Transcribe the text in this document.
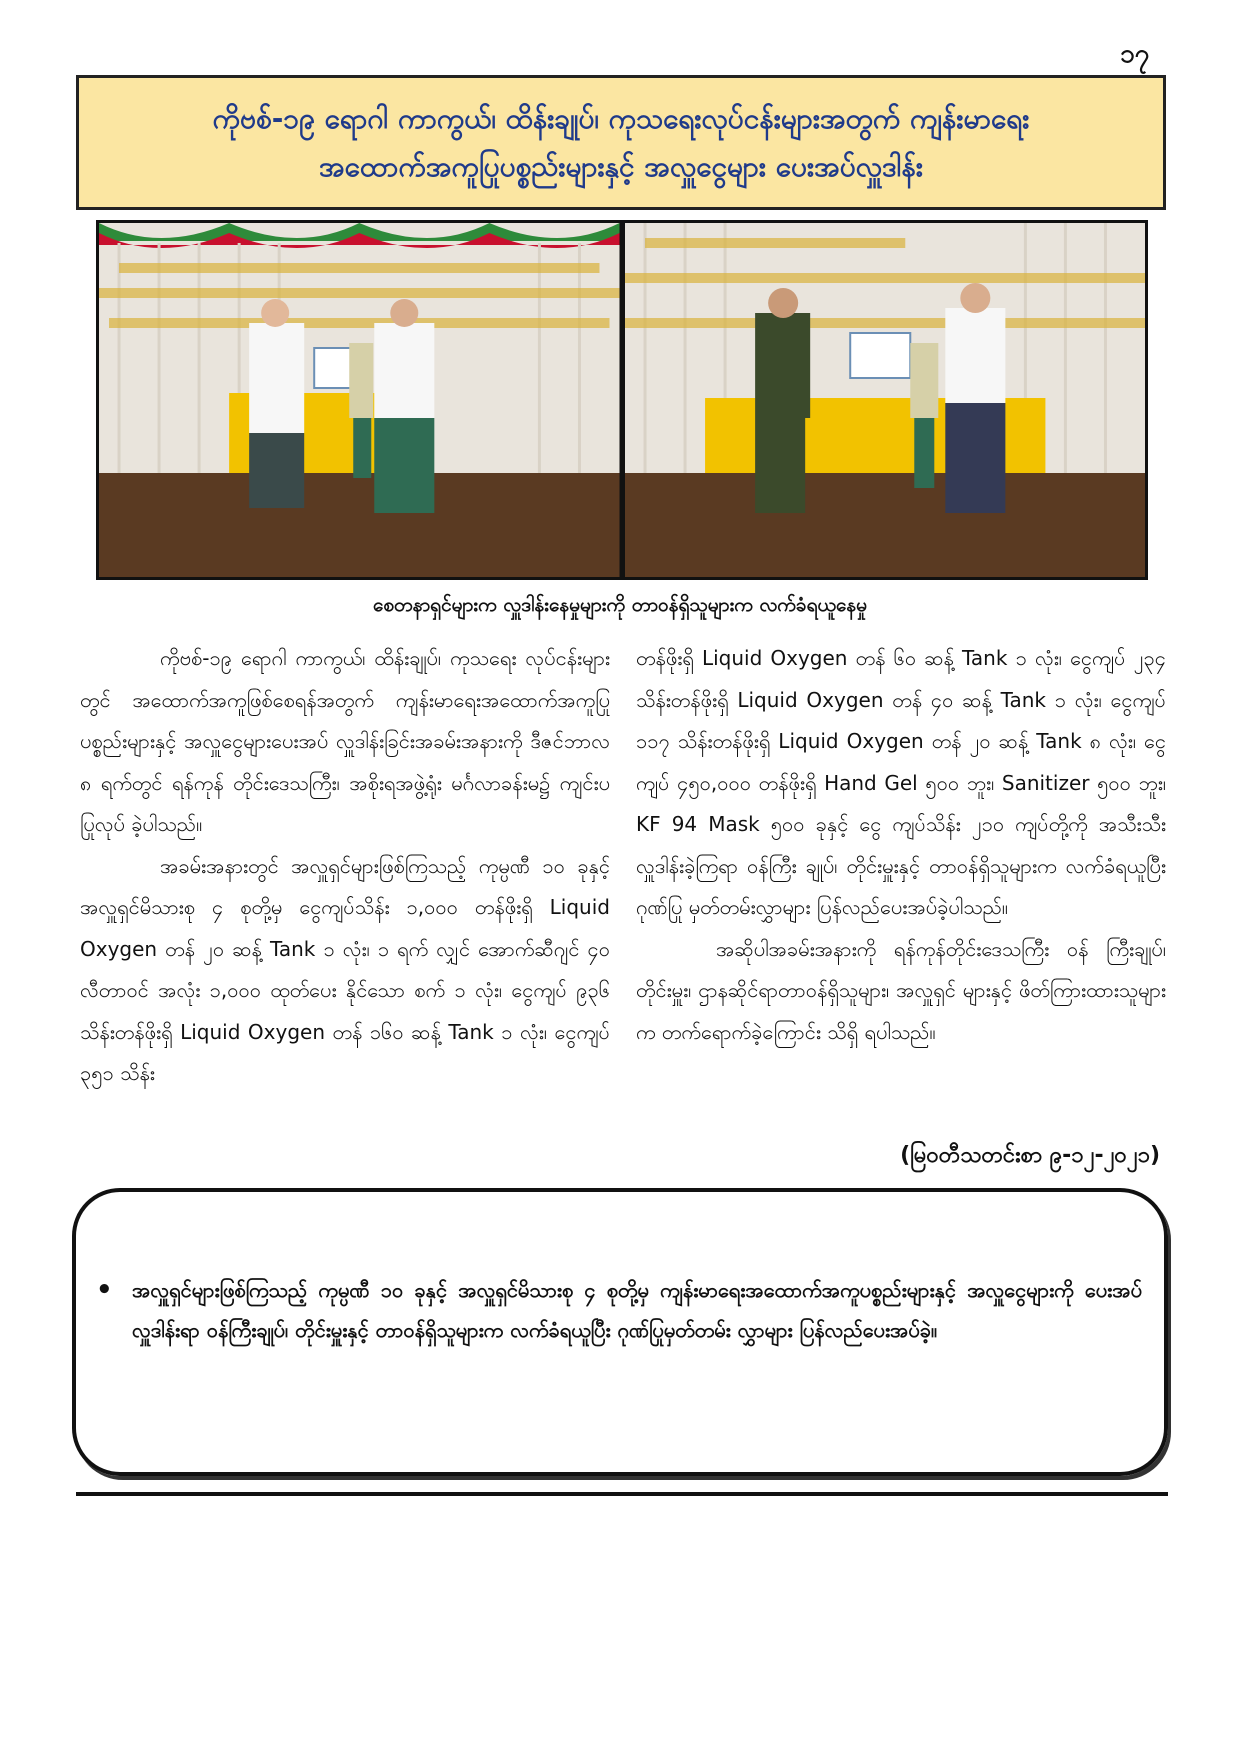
၁၇
ကိုဗစ်-၁၉ ရောဂါ ကာကွယ်၊ ထိန်းချုပ်၊ ကုသရေးလုပ်ငန်းများအတွက် ကျန်းမာရေး
အထောက်အကူပြုပစ္စည်းများနှင့် အလှူငွေများ ပေးအပ်လှူဒါန်း
စေတနာရှင်များက လှူဒါန်းနေမှုများကို တာဝန်ရှိသူများက လက်ခံရယူနေမှု

ကိုဗစ်-၁၉ ရောဂါ ကာကွယ်၊ ထိန်းချုပ်၊ ကုသရေး လုပ်ငန်းများတွင် အထောက်အကူဖြစ်စေရန်အတွက် ကျန်းမာရေးအထောက်အကူပြုပစ္စည်းများနှင့် အလှူငွေများပေးအပ် လှူဒါန်းခြင်းအခမ်းအနားကို ဒီဇင်ဘာလ ၈ ရက်တွင် ရန်ကုန် တိုင်းဒေသကြီး၊ အစိုးရအဖွဲ့ရုံး မင်္ဂလာခန်းမ၌ ကျင်းပပြုလုပ် ခဲ့ပါသည်။

အခမ်းအနားတွင် အလှူရှင်များဖြစ်ကြသည့် ကုမ္ပဏီ ၁၀ ခုနှင့် အလှူရှင်မိသားစု ၄ စုတို့မှ ငွေကျပ်သိန်း ၁,၀၀၀ တန်ဖိုးရှိ Liquid Oxygen တန် ၂၀ ဆန့် Tank ၁ လုံး၊ ၁ ရက် လျှင် အောက်ဆီဂျင် ၄၀ လီတာဝင် အလုံး ၁,၀၀၀ ထုတ်ပေး နိုင်သော စက် ၁ လုံး၊ ငွေကျပ် ၉၃၆ သိန်းတန်ဖိုးရှိ Liquid Oxygen တန် ၁၆၀ ဆန့် Tank ၁ လုံး၊ ငွေကျပ် ၃၅၁ သိန်း

တန်ဖိုးရှိ Liquid Oxygen တန် ၆၀ ဆန့် Tank ၁ လုံး၊ ငွေကျပ် ၂၃၄ သိန်းတန်ဖိုးရှိ Liquid Oxygen တန် ၄၀ ဆန့် Tank ၁ လုံး၊ ငွေကျပ် ၁၁၇ သိန်းတန်ဖိုးရှိ Liquid Oxygen တန် ၂၀ ဆန့် Tank ၈ လုံး၊ ငွေကျပ် ၄၅၀,၀၀၀ တန်ဖိုးရှိ Hand Gel ၅၀၀ ဘူး၊ Sanitizer ၅၀၀ ဘူး၊ KF 94 Mask ၅၀၀ ခုနှင့် ငွေ ကျပ်သိန်း ၂၁၀ ကျပ်တို့ကို အသီးသီးလှူဒါန်းခဲ့ကြရာ ဝန်ကြီး ချုပ်၊ တိုင်းမှူးနှင့် တာဝန်ရှိသူများက လက်ခံရယူပြီး ဂုဏ်ပြု မှတ်တမ်းလွှာများ ပြန်လည်ပေးအပ်ခဲ့ပါသည်။

အဆိုပါအခမ်းအနားကို ရန်ကုန်တိုင်းဒေသကြီး ဝန် ကြီးချုပ်၊ တိုင်းမှူး၊ ဌာနဆိုင်ရာတာဝန်ရှိသူများ၊ အလှူရှင် များနှင့် ဖိတ်ကြားထားသူများက တက်ရောက်ခဲ့ကြောင်း သိရှိ ရပါသည်။

(မြဝတီသတင်းစာ ၉-၁၂-၂၀၂၁)
• အလှူရှင်များဖြစ်ကြသည့် ကုမ္ပဏီ ၁၀ ခုနှင့် အလှူရှင်မိသားစု ၄ စုတို့မှ ကျန်းမာရေးအထောက်အကူပစ္စည်းများနှင့် အလှူငွေများကို ပေးအပ်လှူဒါန်းရာ ဝန်ကြီးချုပ်၊ တိုင်းမှူးနှင့် တာဝန်ရှိသူများက လက်ခံရယူပြီး ဂုဏ်ပြုမှတ်တမ်း လွှာများ ပြန်လည်ပေးအပ်ခဲ့။
